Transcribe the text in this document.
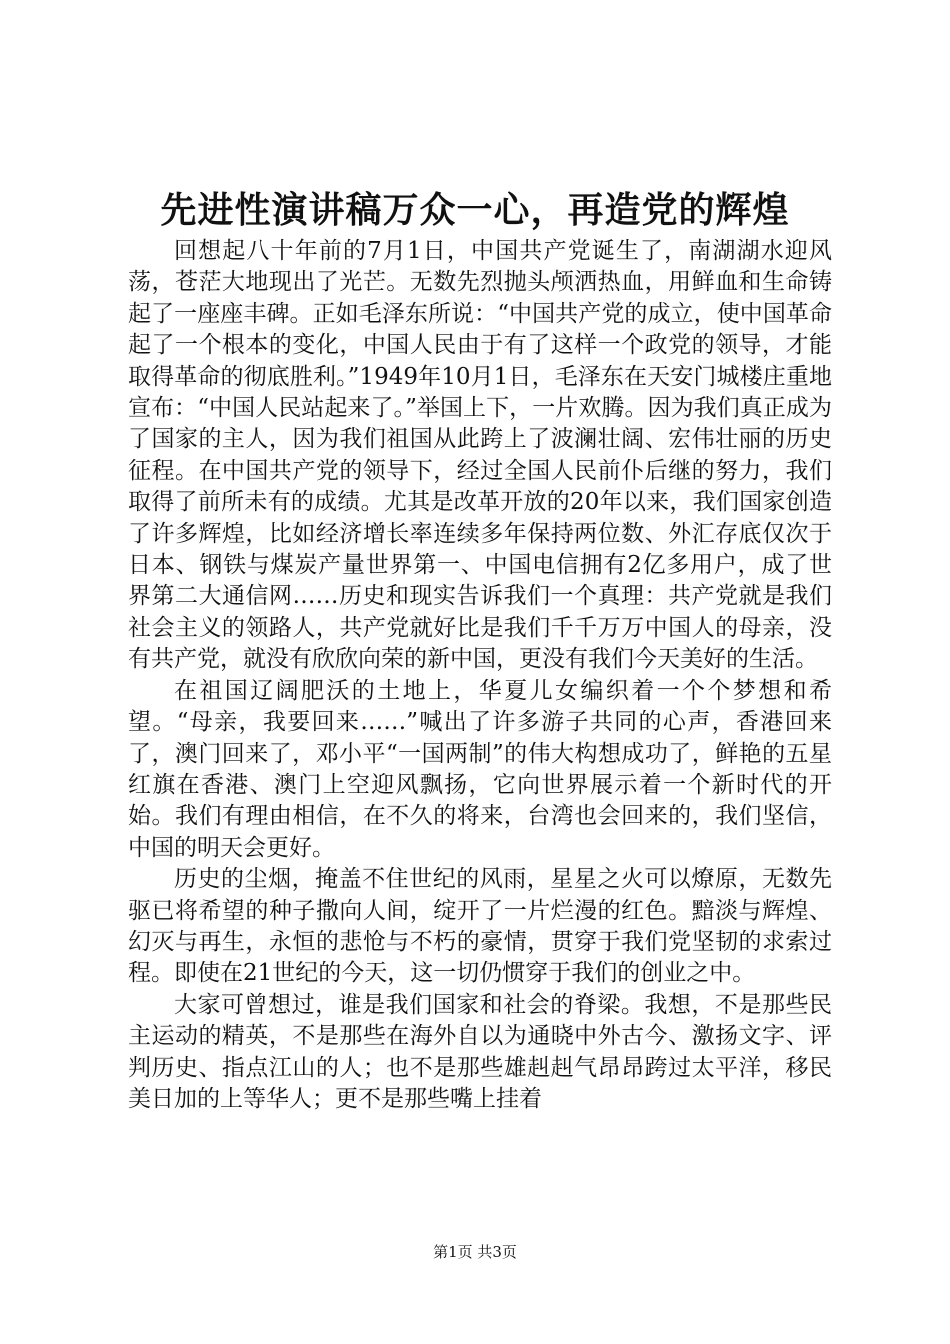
先进性演讲稿万众一心，再造党的辉煌

回想起八十年前的7月1日，中国共产党诞生了，南湖湖水迎风荡，苍茫大地现出了光芒。无数先烈抛头颅洒热血，用鲜血和生命铸起了一座座丰碑。正如毛泽东所说：“中国共产党的成立，使中国革命起了一个根本的变化，中国人民由于有了这样一个政党的领导，才能取得革命的彻底胜利。”1949年10月1日，毛泽东在天安门城楼庄重地宣布：“中国人民站起来了。”举国上下，一片欢腾。因为我们真正成为了国家的主人，因为我们祖国从此跨上了波澜壮阔、宏伟壮丽的历史征程。在中国共产党的领导下，经过全国人民前仆后继的努力，我们取得了前所未有的成绩。尤其是改革开放的20年以来，我们国家创造了许多辉煌，比如经济增长率连续多年保持两位数、外汇存底仅次于日本、钢铁与煤炭产量世界第一、中国电信拥有2亿多用户，成了世界第二大通信网……历史和现实告诉我们一个真理：共产党就是我们社会主义的领路人，共产党就好比是我们千千万万中国人的母亲，没有共产党，就没有欣欣向荣的新中国，更没有我们今天美好的生活。

在祖国辽阔肥沃的土地上，华夏儿女编织着一个个梦想和希望。“母亲，我要回来……”喊出了许多游子共同的心声，香港回来了，澳门回来了，邓小平“一国两制”的伟大构想成功了，鲜艳的五星红旗在香港、澳门上空迎风飘扬，它向世界展示着一个新时代的开始。我们有理由相信，在不久的将来，台湾也会回来的，我们坚信，中国的明天会更好。

历史的尘烟，掩盖不住世纪的风雨，星星之火可以燎原，无数先驱已将希望的种子撒向人间，绽开了一片烂漫的红色。黯淡与辉煌、幻灭与再生，永恒的悲怆与不朽的豪情，贯穿于我们党坚韧的求索过程。即使在21世纪的今天，这一切仍惯穿于我们的创业之中。

大家可曾想过，谁是我们国家和社会的脊梁。我想，不是那些民主运动的精英，不是那些在海外自以为通晓中外古今、激扬文字、评判历史、指点江山的人；也不是那些雄赳赳气昂昂跨过太平洋，移民美日加的上等华人；更不是那些嘴上挂着

第1页 共3页
